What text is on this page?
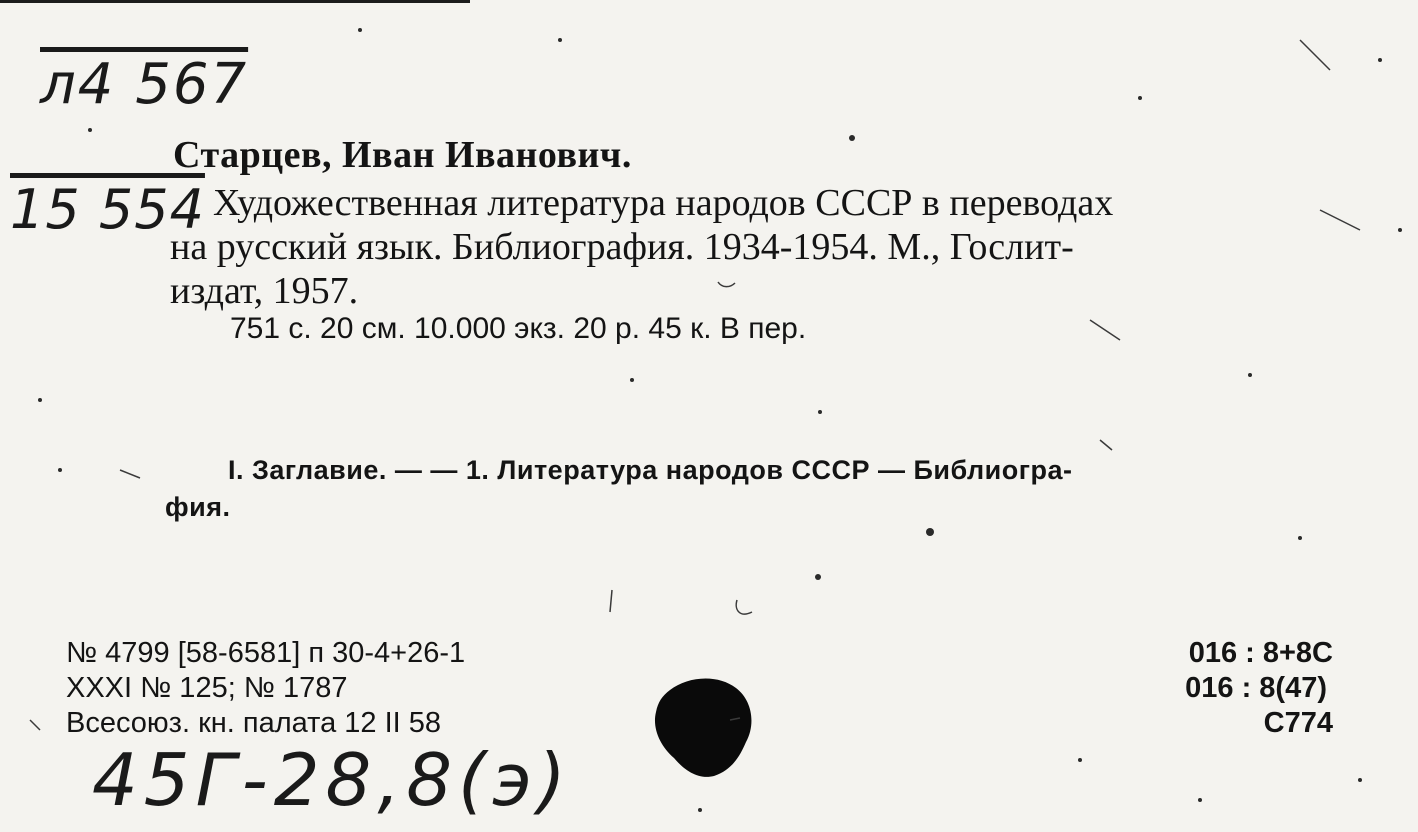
л4 567
15 554
Старцев, Иван Иванович.
Художественная литература народов СССР в переводах
на русский язык. Библиография. 1934-1954. М., Гослит-
издат, 1957.
751 с. 20 см. 10.000 экз. 20 р. 45 к. В пер.
I. Заглавие. — — 1. Литература народов СССР — Библиогра-
фия.
№ 4799 [58-6581] п 30-4+26-1
XXXI № 125; № 1787
Всесоюз. кн. палата 12 II 58
016 : 8+8С
016 : 8(47)
С774
45Г-28,8(э)
